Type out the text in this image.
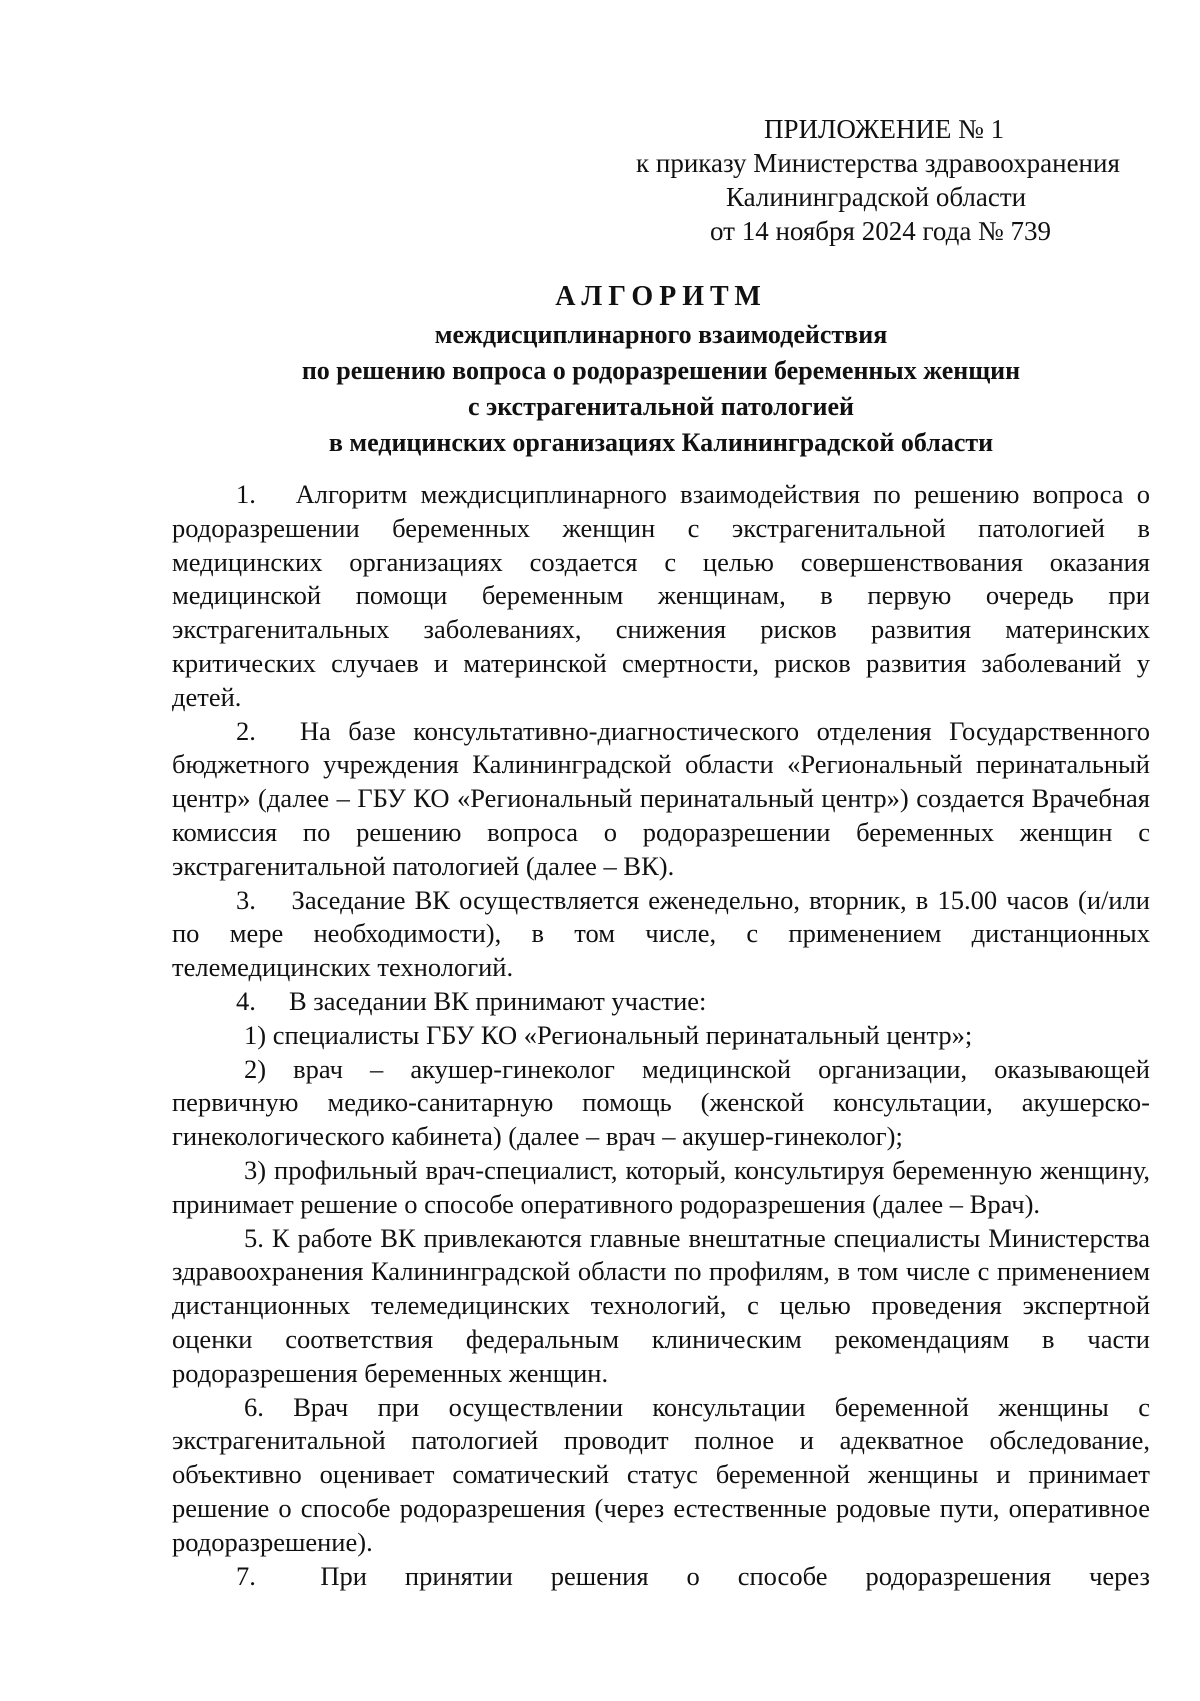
ПРИЛОЖЕНИЕ № 1
к приказу Министерства здравоохранения
Калининградской области
от 14 ноября 2024 года № 739
АЛГОРИТМ
междисциплинарного взаимодействия
по решению вопроса о родоразрешении беременных женщин
с экстрагенитальной патологией
в медицинских организациях Калининградской области

1.  Алгоритм междисциплинарного взаимодействия по решению вопроса о родоразрешении беременных женщин с экстрагенитальной патологией в медицинских организациях создается с целью совершенствования оказания медицинской помощи беременным женщинам, в первую очередь при экстрагенитальных заболеваниях, снижения рисков развития материнских критических случаев и материнской смертности, рисков развития заболеваний у детей.

2.  На базе консультативно-диагностического отделения Государственного бюджетного учреждения Калининградской области «Региональный перинатальный центр» (далее – ГБУ КО «Региональный перинатальный центр») создается Врачебная комиссия по решению вопроса о родоразрешении беременных женщин с экстрагенитальной патологией (далее – ВК).

3.  Заседание ВК осуществляется еженедельно, вторник, в 15.00 часов (и/или по мере необходимости), в том числе, с применением дистанционных телемедицинских технологий.

4.  В заседании ВК принимают участие:

1) специалисты ГБУ КО «Региональный перинатальный центр»;

2) врач – акушер-гинеколог медицинской организации, оказывающей первичную медико-санитарную помощь (женской консультации, акушерско-гинекологического кабинета) (далее – врач – акушер-гинеколог);

3) профильный врач-специалист, который, консультируя беременную женщину, принимает решение о способе оперативного родоразрешения (далее – Врач).

5. К работе ВК привлекаются главные внештатные специалисты Министерства здравоохранения Калининградской области по профилям, в том числе с применением дистанционных телемедицинских технологий, с целью проведения экспертной оценки соответствия федеральным клиническим рекомендациям в части родоразрешения беременных женщин.

6. Врач при осуществлении консультации беременной женщины с экстрагенитальной патологией проводит полное и адекватное обследование, объективно оценивает соматический статус беременной женщины и принимает решение о способе родоразрешения (через естественные родовые пути, оперативное родоразрешение).

7.  При принятии решения о способе родоразрешения через
